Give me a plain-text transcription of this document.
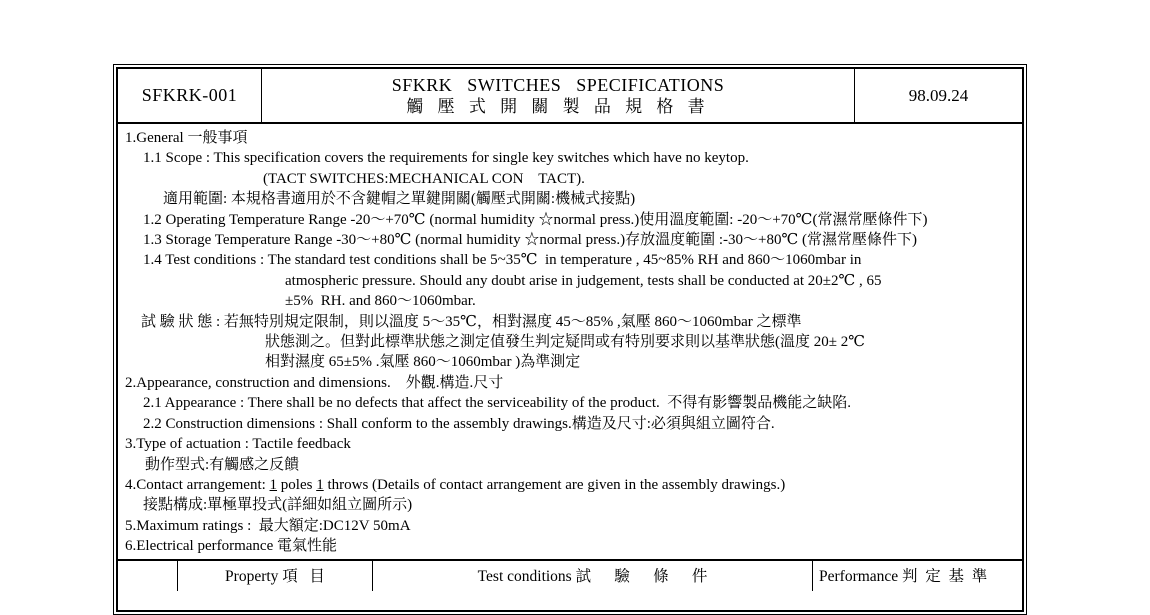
SFKRK-001
SFKRK   SWITCHES   SPECIFICATIONS
觸 壓 式 開 關 製 品 規 格 書
98.09.24
1.General 一般事項
1.1 Scope : This specification covers the requirements for single key switches which have no keytop.
(TACT SWITCHES:MECHANICAL CON    TACT).
適用範圍: 本規格書適用於不含鍵帽之單鍵開關(觸壓式開關:機械式接點)
1.2 Operating Temperature Range -20～+70℃ (normal humidity ☆normal press.)使用溫度範圍: -20～+70℃(常濕常壓條件下)
1.3 Storage Temperature Range -30～+80℃ (normal humidity ☆normal press.)存放溫度範圍 :-30～+80℃ (常濕常壓條件下)
1.4 Test conditions : The standard test conditions shall be 5~35℃  in temperature , 45~85% RH and 860～1060mbar in
atmospheric pressure. Should any doubt arise in judgement, tests shall be conducted at 20±2℃ , 65
±5%  RH. and 860～1060mbar.
試 驗 狀 態 : 若無特別規定限制，則以溫度 5～35℃，相對濕度 45～85% ,氣壓 860～1060mbar 之標準
狀態測之。但對此標準狀態之測定值發生判定疑問或有特別要求則以基準狀態(溫度 20± 2℃
相對濕度 65±5% .氣壓 860～1060mbar )為準測定
2.Appearance, construction and dimensions.    外觀.構造.尺寸
2.1 Appearance : There shall be no defects that affect the serviceability of the product.  不得有影響製品機能之缺陷.
2.2 Construction dimensions : Shall conform to the assembly drawings.構造及尺寸:必須與組立圖符合.
3.Type of actuation : Tactile feedback
動作型式:有觸感之反饋
4.Contact arrangement: 1 poles 1 throws (Details of contact arrangement are given in the assembly drawings.)
接點構成:單極單投式(詳細如組立圖所示)
5.Maximum ratings :  最大額定:DC12V 50mA
6.Electrical performance 電氣性能
Property 項   目	Test conditions 試      驗      條      件	Performance 判  定  基  準
